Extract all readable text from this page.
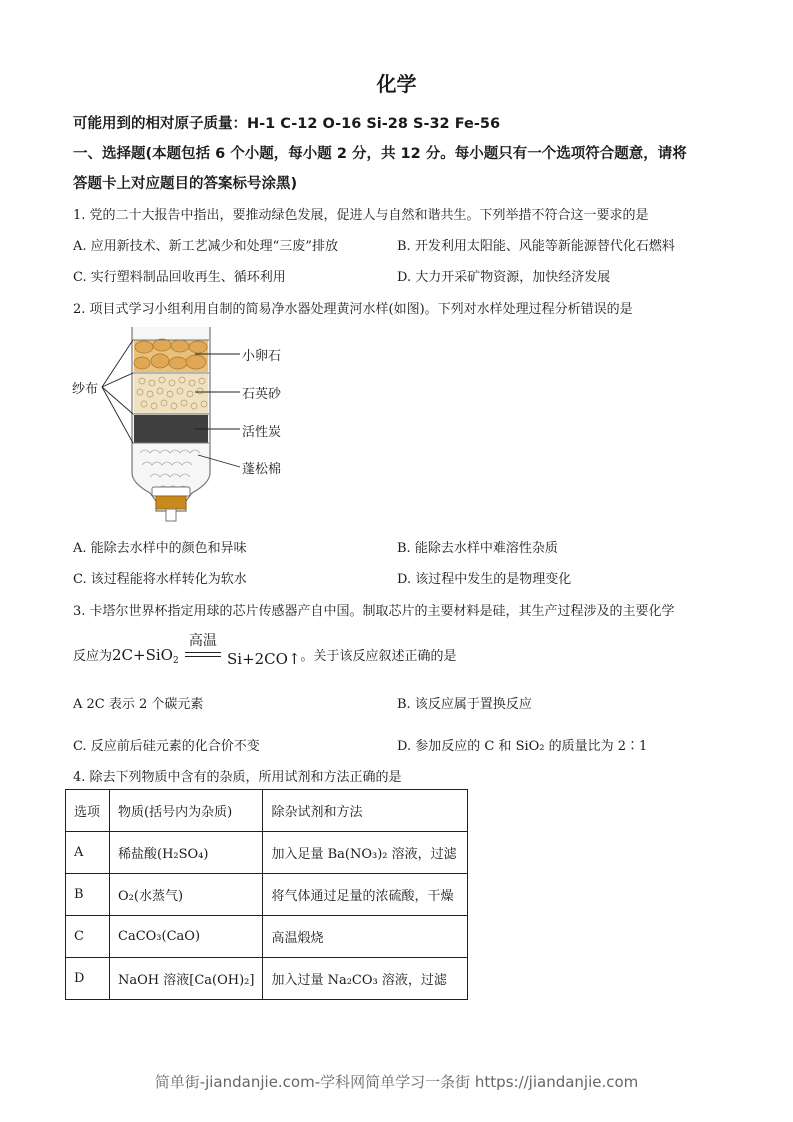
化学
可能用到的相对原子质量：H-1 C-12 O-16 Si-28 S-32 Fe-56
一、选择题(本题包括 6 个小题，每小题 2 分，共 12 分。每小题只有一个选项符合题意，请将
答题卡上对应题目的答案标号涂黑)
1. 党的二十大报告中指出，要推动绿色发展，促进人与自然和谐共生。下列举措不符合这一要求的是
A. 应用新技术、新工艺减少和处理“三废”排放	B. 开发利用太阳能、风能等新能源替代化石燃料
C. 实行塑料制品回收再生、循环利用	D. 大力开采矿物资源，加快经济发展
2. 项目式学习小组利用自制的简易净水器处理黄河水样(如图)。下列对水样处理过程分析错误的是
纱布
小卵石
石英砂
活性炭
蓬松棉
A. 能除去水样中的颜色和异味	B. 能除去水样中难溶性杂质
C. 该过程能将水样转化为软水	D. 该过程中发生的是物理变化
3. 卡塔尔世界杯指定用球的芯片传感器产自中国。制取芯片的主要材料是硅，其生产过程涉及的主要化学
反应为2C+SiO$_2$
高温
Si+2CO↑。关于该反应叙述正确的是
A 2C 表示 2 个碳元素	B. 该反应属于置换反应
C. 反应前后硅元素的化合价不变	D. 参加反应的 C 和 SiO₂ 的质量比为 2∶1
4. 除去下列物质中含有的杂质，所用试剂和方法正确的是
选项	物质(括号内为杂质)	除杂试剂和方法
A	稀盐酸(H₂SO₄)	加入足量 Ba(NO₃)₂ 溶液，过滤
B	O₂(水蒸气)	将气体通过足量的浓硫酸，干燥
C	CaCO₃(CaO)	高温煅烧
D	NaOH 溶液[Ca(OH)₂]	加入过量 Na₂CO₃ 溶液，过滤
简单街-jiandanjie.com-学科网简单学习一条街 https://jiandanjie.com
